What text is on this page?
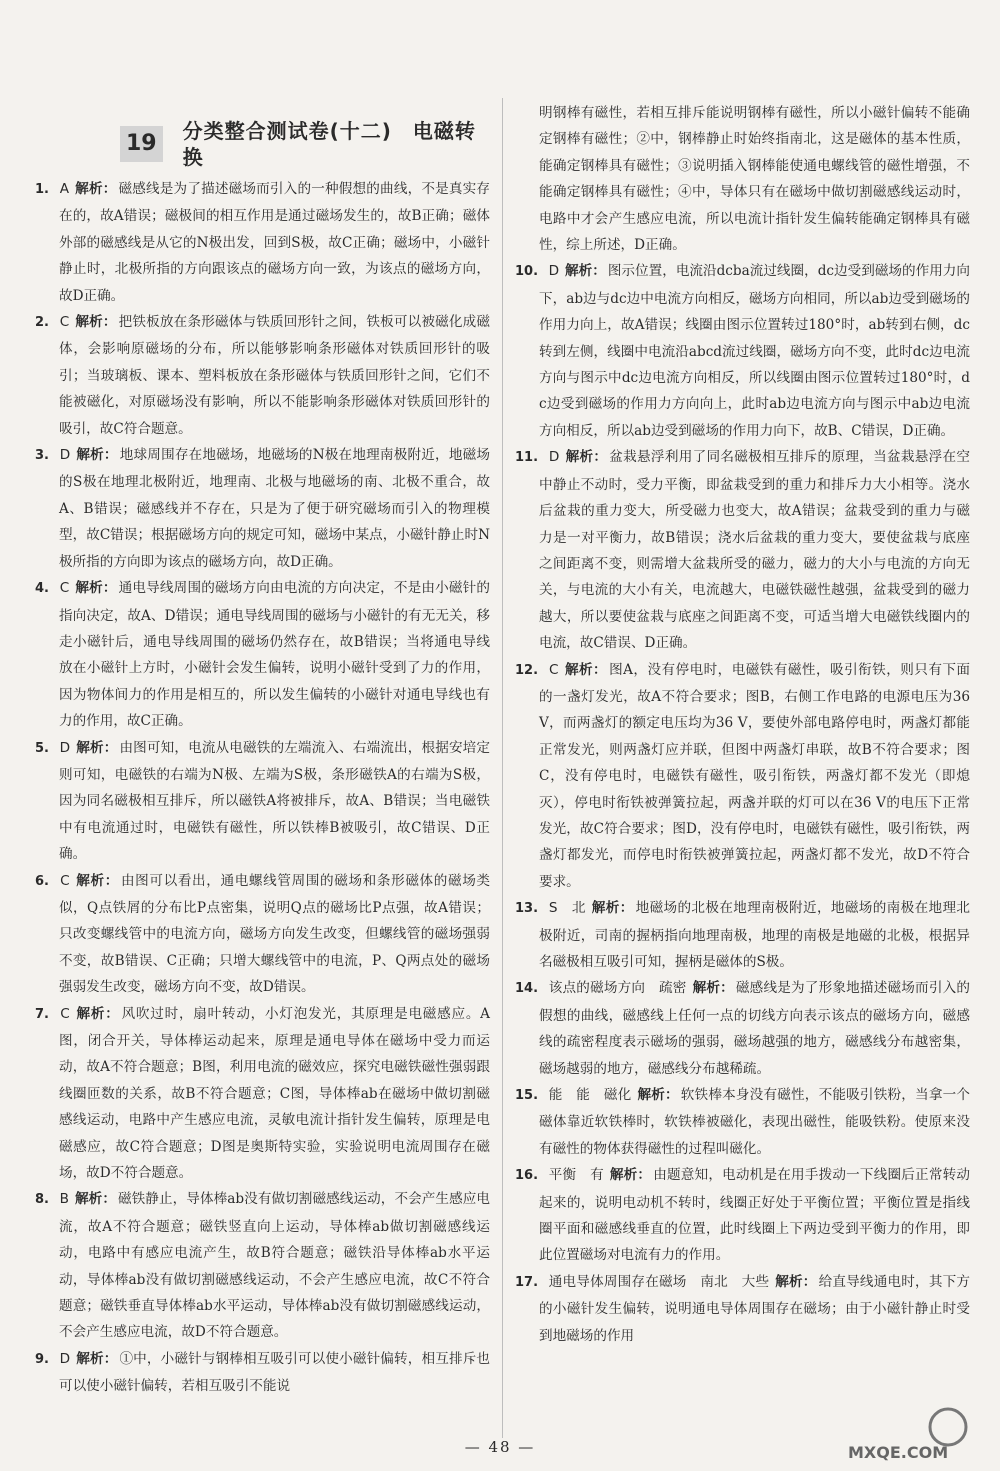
19
分类整合测试卷(十二)　电磁转换

1. A 解析： 磁感线是为了描述磁场而引入的一种假想的曲线，不是真实存在的，故A错误；磁极间的相互作用是通过磁场发生的，故B正确；磁体外部的磁感线是从它的N极出发，回到S极，故C正确；磁场中，小磁针静止时，北极所指的方向跟该点的磁场方向一致，为该点的磁场方向，故D正确。

2. C 解析： 把铁板放在条形磁体与铁质回形针之间，铁板可以被磁化成磁体，会影响原磁场的分布，所以能够影响条形磁体对铁质回形针的吸引；当玻璃板、课本、塑料板放在条形磁体与铁质回形针之间，它们不能被磁化，对原磁场没有影响，所以不能影响条形磁体对铁质回形针的吸引，故C符合题意。

3. D 解析： 地球周围存在地磁场，地磁场的N极在地理南极附近，地磁场的S极在地理北极附近，地理南、北极与地磁场的南、北极不重合，故A、B错误；磁感线并不存在，只是为了便于研究磁场而引入的物理模型，故C错误；根据磁场方向的规定可知，磁场中某点，小磁针静止时N极所指的方向即为该点的磁场方向，故D正确。

4. C 解析： 通电导线周围的磁场方向由电流的方向决定，不是由小磁针的指向决定，故A、D错误；通电导线周围的磁场与小磁针的有无无关，移走小磁针后，通电导线周围的磁场仍然存在，故B错误；当将通电导线放在小磁针上方时，小磁针会发生偏转，说明小磁针受到了力的作用，因为物体间力的作用是相互的，所以发生偏转的小磁针对通电导线也有力的作用，故C正确。

5. D 解析： 由图可知，电流从电磁铁的左端流入、右端流出，根据安培定则可知，电磁铁的右端为N极、左端为S极，条形磁铁A的右端为S极，因为同名磁极相互排斥，所以磁铁A将被排斥，故A、B错误；当电磁铁中有电流通过时，电磁铁有磁性，所以铁棒B被吸引，故C错误、D正确。

6. C 解析： 由图可以看出，通电螺线管周围的磁场和条形磁体的磁场类似，Q点铁屑的分布比P点密集，说明Q点的磁场比P点强，故A错误；只改变螺线管中的电流方向，磁场方向发生改变，但螺线管的磁场强弱不变，故B错误、C正确；只增大螺线管中的电流，P、Q两点处的磁场强弱发生改变，磁场方向不变，故D错误。

7. C 解析： 风吹过时，扇叶转动，小灯泡发光，其原理是电磁感应。A图，闭合开关，导体棒运动起来，原理是通电导体在磁场中受力而运动，故A不符合题意；B图，利用电流的磁效应，探究电磁铁磁性强弱跟线圈匝数的关系，故B不符合题意；C图，导体棒ab在磁场中做切割磁感线运动，电路中产生感应电流，灵敏电流计指针发生偏转，原理是电磁感应，故C符合题意；D图是奥斯特实验，实验说明电流周围存在磁场，故D不符合题意。

8. B 解析： 磁铁静止，导体棒ab没有做切割磁感线运动，不会产生感应电流，故A不符合题意；磁铁竖直向上运动，导体棒ab做切割磁感线运动，电路中有感应电流产生，故B符合题意；磁铁沿导体棒ab水平运动，导体棒ab没有做切割磁感线运动，不会产生感应电流，故C不符合题意；磁铁垂直导体棒ab水平运动，导体棒ab没有做切割磁感线运动，不会产生感应电流，故D不符合题意。

9. D 解析： ①中，小磁针与钢棒相互吸引可以使小磁针偏转，相互排斥也可以使小磁针偏转，若相互吸引不能说

明钢棒有磁性，若相互排斥能说明钢棒有磁性，所以小磁针偏转不能确定钢棒有磁性；②中，钢棒静止时始终指南北，这是磁体的基本性质，能确定钢棒具有磁性；③说明插入钢棒能使通电螺线管的磁性增强，不能确定钢棒具有磁性；④中，导体只有在磁场中做切割磁感线运动时，电路中才会产生感应电流，所以电流计指针发生偏转能确定钢棒具有磁性，综上所述，D正确。

10. D 解析： 图示位置，电流沿dcba流过线圈，dc边受到磁场的作用力向下，ab边与dc边中电流方向相反，磁场方向相同，所以ab边受到磁场的作用力向上，故A错误；线圈由图示位置转过180°时，ab转到右侧，dc转到左侧，线圈中电流沿abcd流过线圈，磁场方向不变，此时dc边电流方向与图示中dc边电流方向相反，所以线圈由图示位置转过180°时，dc边受到磁场的作用力方向向上，此时ab边电流方向与图示中ab边电流方向相反，所以ab边受到磁场的作用力向下，故B、C错误，D正确。

11. D 解析： 盆栽悬浮利用了同名磁极相互排斥的原理，当盆栽悬浮在空中静止不动时，受力平衡，即盆栽受到的重力和排斥力大小相等。浇水后盆栽的重力变大，所受磁力也变大，故A错误；盆栽受到的重力与磁力是一对平衡力，故B错误；浇水后盆栽的重力变大，要使盆栽与底座之间距离不变，则需增大盆栽所受的磁力，磁力的大小与电流的方向无关，与电流的大小有关，电流越大，电磁铁磁性越强，盆栽受到的磁力越大，所以要使盆栽与底座之间距离不变，可适当增大电磁铁线圈内的电流，故C错误、D正确。

12. C 解析： 图A，没有停电时，电磁铁有磁性，吸引衔铁，则只有下面的一盏灯发光，故A不符合要求；图B，右侧工作电路的电源电压为36 V，而两盏灯的额定电压均为36 V，要使外部电路停电时，两盏灯都能正常发光，则两盏灯应并联，但图中两盏灯串联，故B不符合要求；图C，没有停电时，电磁铁有磁性，吸引衔铁，两盏灯都不发光（即熄灭），停电时衔铁被弹簧拉起，两盏并联的灯可以在36 V的电压下正常发光，故C符合要求；图D，没有停电时，电磁铁有磁性，吸引衔铁，两盏灯都发光，而停电时衔铁被弹簧拉起，两盏灯都不发光，故D不符合要求。

13. S　北 解析： 地磁场的北极在地理南极附近，地磁场的南极在地理北极附近，司南的握柄指向地理南极，地理的南极是地磁的北极，根据异名磁极相互吸引可知，握柄是磁体的S极。

14. 该点的磁场方向　疏密 解析： 磁感线是为了形象地描述磁场而引入的假想的曲线，磁感线上任何一点的切线方向表示该点的磁场方向，磁感线的疏密程度表示磁场的强弱，磁场越强的地方，磁感线分布越密集，磁场越弱的地方，磁感线分布越稀疏。

15. 能　能　磁化 解析： 软铁棒本身没有磁性，不能吸引铁粉，当拿一个磁体靠近软铁棒时，软铁棒被磁化，表现出磁性，能吸铁粉。使原来没有磁性的物体获得磁性的过程叫磁化。

16. 平衡　有 解析： 由题意知，电动机是在用手拨动一下线圈后正常转动起来的，说明电动机不转时，线圈正好处于平衡位置；平衡位置是指线圈平面和磁感线垂直的位置，此时线圈上下两边受到平衡力的作用，即此位置磁场对电流有力的作用。

17. 通电导体周围存在磁场　南北　大些 解析： 给直导线通电时，其下方的小磁针发生偏转，说明通电导体周围存在磁场；由于小磁针静止时受到地磁场的作用

— 48 —	MXQE.COM
